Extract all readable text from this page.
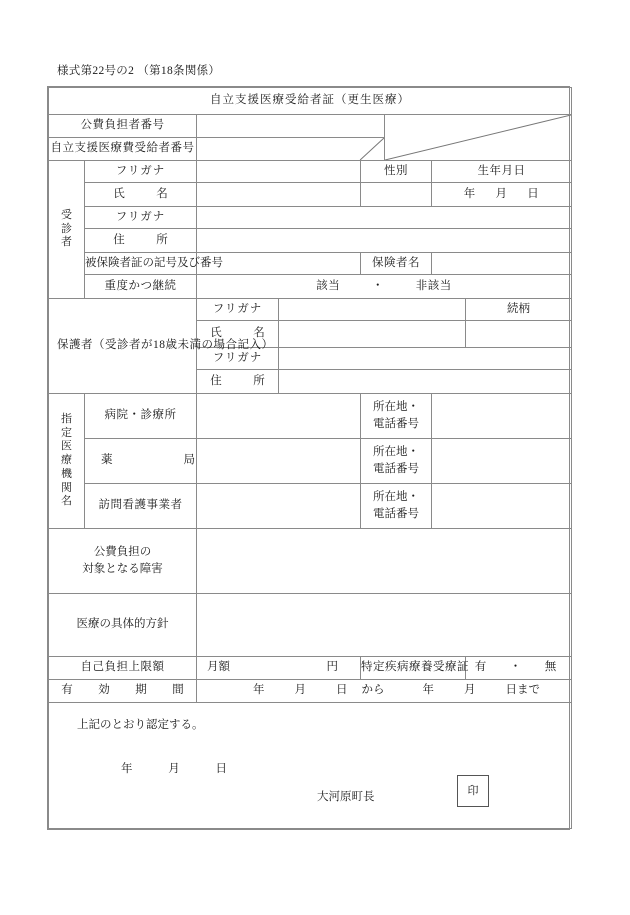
様式第22号の2 （第18条関係）
自立支援医療受給者証（更生医療）							
公費負担者番号	

自立支援医療費受給者番号	

受
診
者	フリガナ			性別		生年月日	
	氏　名					年 月 日	
	フリガナ						
	住　所						
	被保険者証の記号及び番号			保険者名			
	重度かつ継続	該当 ・ 非該当					
保護者（受診者が18歳未満の場合記入）		フリガナ					続柄
		氏　名					
		フリガナ					
		住　所					

指
定
医
療
機
関
名
	病院・診療所		
所在地・
電話番号

	薬　　局			所在地・
電話番号			

	訪問看護事業者			所在地・
電話番号			

公費負担の
対象となる障害							

医療の具体的方針							

自己負担上限額		月額 円		特定疾病療養受療証			有　・　無
有　効　期　間		年 月 日 から 年 月 日まで					

上記のとおり認定する。
年 月 日
大河原町長
印							
